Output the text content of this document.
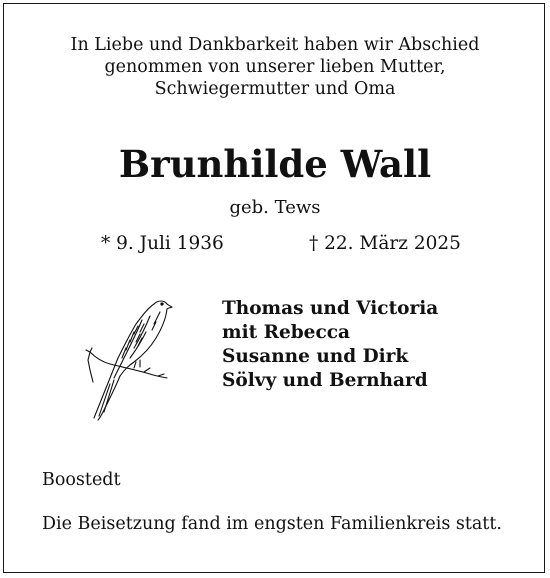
In Liebe und Dankbarkeit haben wir Abschied
genommen von unserer lieben Mutter,
Schwiegermutter und Oma
Brunhilde Wall
geb. Tews
* 9. Juli 1936	† 22. März 2025
Thomas und Victoria
mit Rebecca
Susanne und Dirk
Sölvy und Bernhard
Boostedt
Die Beisetzung fand im engsten Familienkreis statt.
